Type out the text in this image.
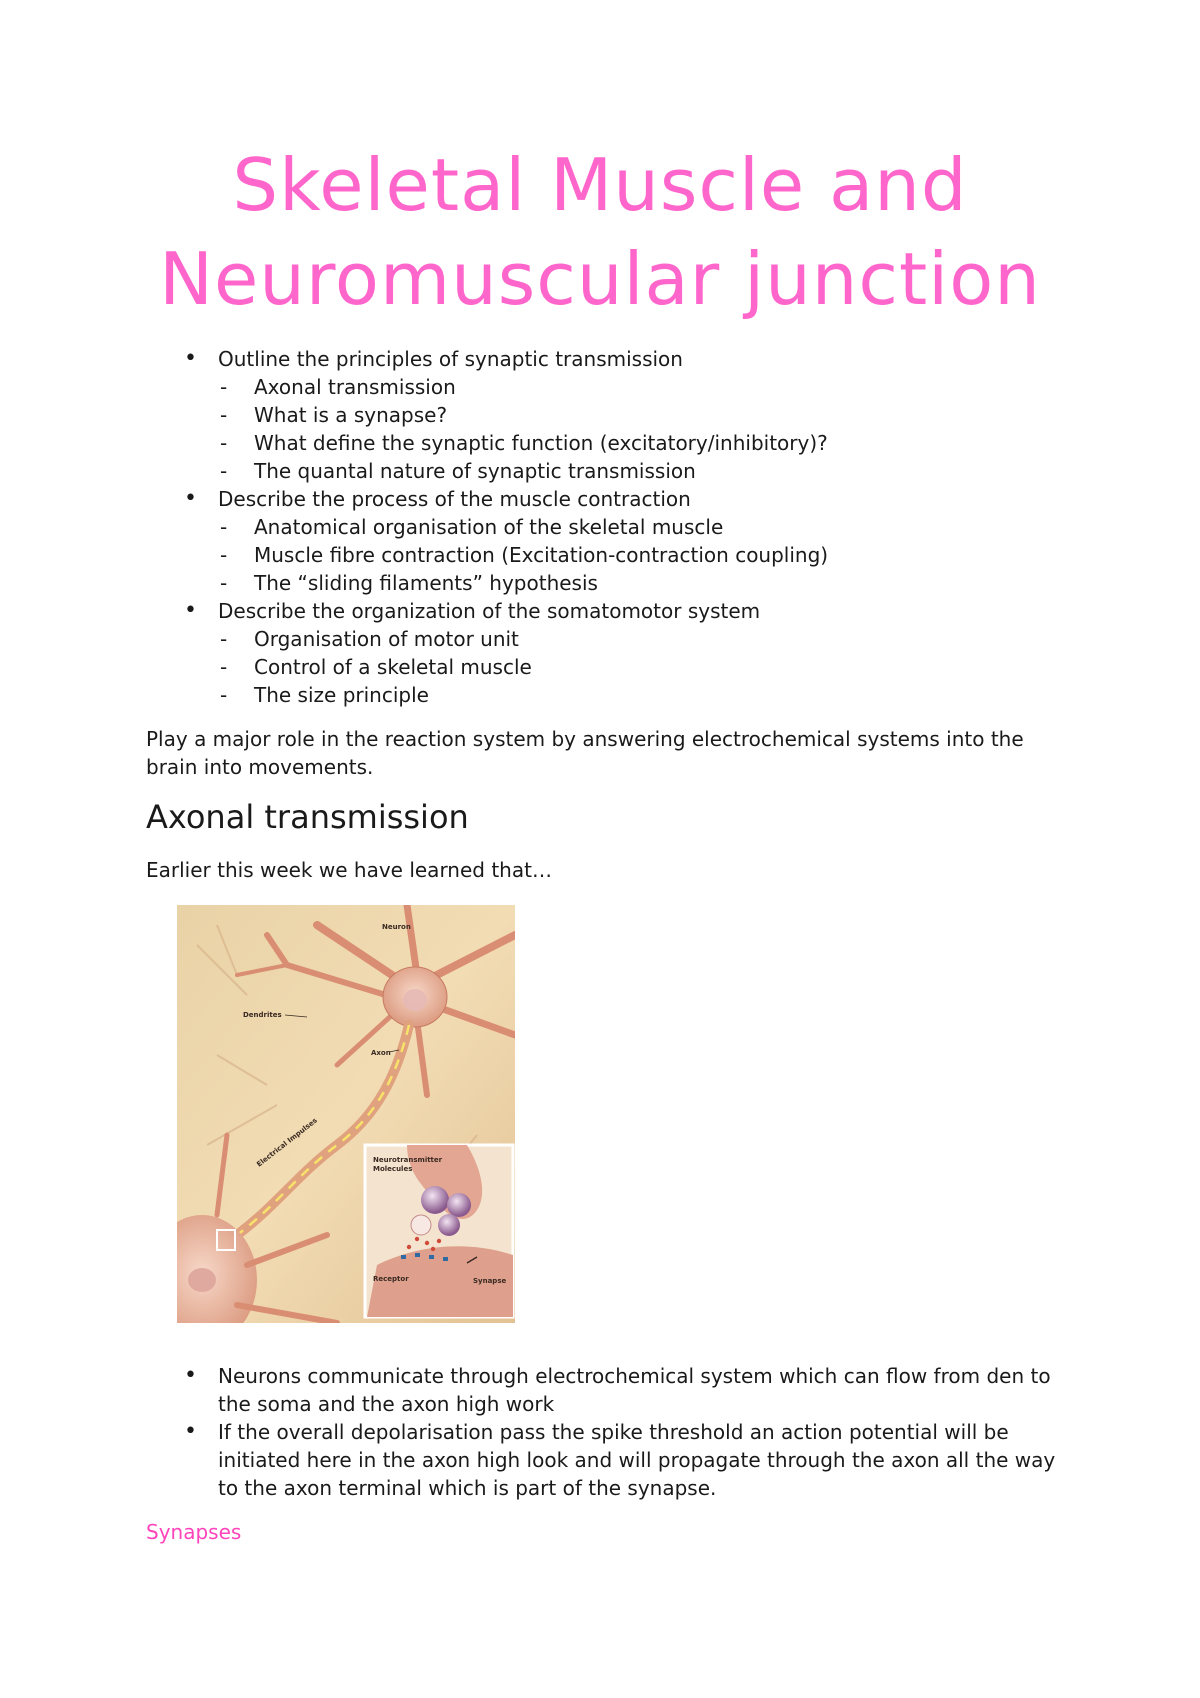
Skeletal Muscle and
Neuromuscular junction
• Outline the principles of synaptic transmission
- Axonal transmission
- What is a synapse?
- What define the synaptic function (excitatory/inhibitory)?
- The quantal nature of synaptic transmission
• Describe the process of the muscle contraction
- Anatomical organisation of the skeletal muscle
- Muscle fibre contraction (Excitation-contraction coupling)
- The “sliding filaments” hypothesis
• Describe the organization of the somatomotor system
- Organisation of motor unit
- Control of a skeletal muscle
- The size principle

Play a major role in the reaction system by answering electrochemical systems into the brain into movements.

Axonal transmission

Earlier this week we have learned that…

Neuron
Dendrites
Axon
Electrical Impulses	Neurotransmitter
Molecules
Receptor	Synapse
• Neurons communicate through electrochemical system which can flow from den to the soma and the axon high work
• If the overall depolarisation pass the spike threshold an action potential will be initiated here in the axon high look and will propagate through the axon all the way to the axon terminal which is part of the synapse.

Synapses
